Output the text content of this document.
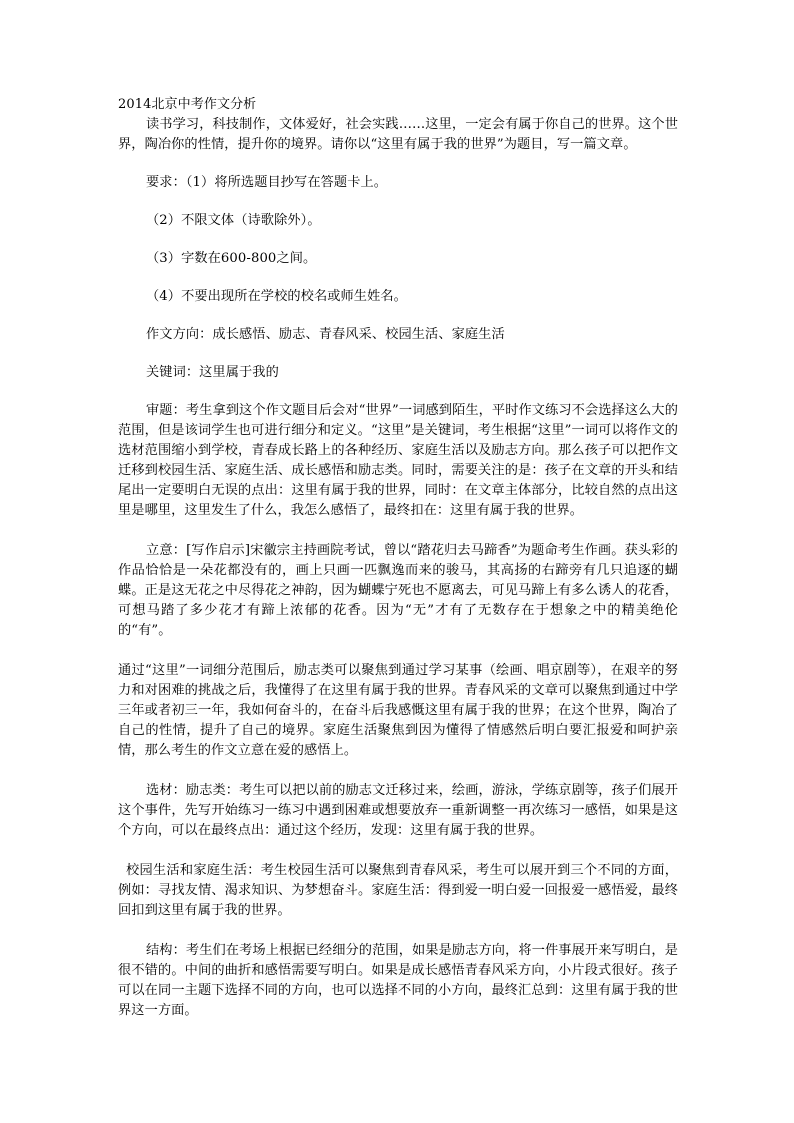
2014北京中考作文分析

读书学习，科技制作，文体爱好，社会实践……这里，一定会有属于你自己的世界。这个世界，陶冶你的性情，提升你的境界。请你以“这里有属于我的世界”为题目，写一篇文章。

要求：（1）将所选题目抄写在答题卡上。

（2）不限文体（诗歌除外）。

（3）字数在600-800之间。

（4）不要出现所在学校的校名或师生姓名。

作文方向：成长感悟、励志、青春风采、校园生活、家庭生活

关键词：这里属于我的

审题：考生拿到这个作文题目后会对“世界”一词感到陌生，平时作文练习不会选择这么大的范围，但是该词学生也可进行细分和定义。“这里”是关键词，考生根据“这里”一词可以将作文的选材范围缩小到学校，青春成长路上的各种经历、家庭生活以及励志方向。那么孩子可以把作文迁移到校园生活、家庭生活、成长感悟和励志类。同时，需要关注的是：孩子在文章的开头和结尾出一定要明白无误的点出：这里有属于我的世界，同时：在文章主体部分，比较自然的点出这里是哪里，这里发生了什么，我怎么感悟了，最终扣在：这里有属于我的世界。

立意：[写作启示]宋徽宗主持画院考试，曾以“踏花归去马蹄香”为题命考生作画。获头彩的作品恰恰是一朵花都没有的，画上只画一匹飘逸而来的骏马，其高扬的右蹄旁有几只追逐的蝴蝶。正是这无花之中尽得花之神韵，因为蝴蝶宁死也不愿离去，可见马蹄上有多么诱人的花香，可想马踏了多少花才有蹄上浓郁的花香。因为“无”才有了无数存在于想象之中的精美绝伦的“有”。

通过“这里”一词细分范围后，励志类可以聚焦到通过学习某事（绘画、唱京剧等），在艰辛的努力和对困难的挑战之后，我懂得了在这里有属于我的世界。青春风采的文章可以聚焦到通过中学三年或者初三一年，我如何奋斗的，在奋斗后我感慨这里有属于我的世界；在这个世界，陶冶了自己的性情，提升了自己的境界。家庭生活聚焦到因为懂得了情感然后明白要汇报爱和呵护亲情，那么考生的作文立意在爱的感悟上。

选材：励志类：考生可以把以前的励志文迁移过来，绘画，游泳，学练京剧等，孩子们展开这个事件，先写开始练习一练习中遇到困难或想要放弃一重新调整一再次练习一感悟，如果是这个方向，可以在最终点出：通过这个经历，发现：这里有属于我的世界。

校园生活和家庭生活：考生校园生活可以聚焦到青春风采，考生可以展开到三个不同的方面，例如：寻找友情、渴求知识、为梦想奋斗。家庭生活：得到爱一明白爱一回报爱一感悟爱，最终回扣到这里有属于我的世界。

结构：考生们在考场上根据已经细分的范围，如果是励志方向，将一件事展开来写明白，是很不错的。中间的曲折和感悟需要写明白。如果是成长感悟青春风采方向，小片段式很好。孩子可以在同一主题下选择不同的方向，也可以选择不同的小方向，最终汇总到：这里有属于我的世界这一方面。
